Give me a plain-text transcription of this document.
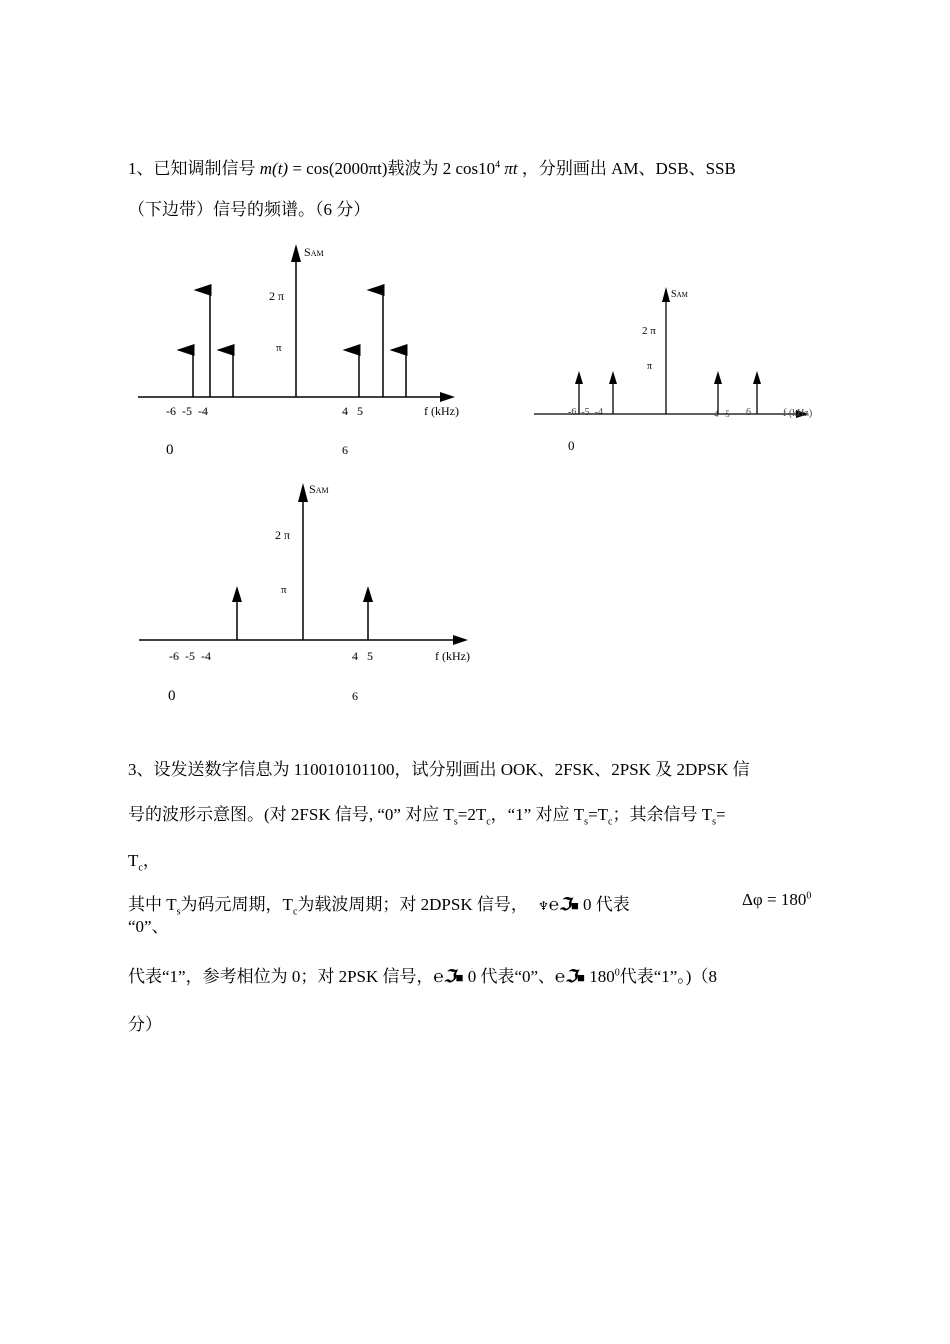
1、已知调制信号 m(t) = cos(2000πt)载波为 2 $\cos 10^4$ πt ，分别画出 AM、DSB、SSB
（下边带）信号的频谱。（6 分）
SAM
2 π
π
-6  -5  -4	4   5	f (kHz)
0	6
SAM
2 π
π
-6  -5  -4	4   5 6	f (kHz)
0
SAM
2 π
π
-6  -5  -4	4   5	f (kHz)
0	6
3、设发送数字信息为 110010101100，试分别画出 OOK、2FSK、2PSK 及 2DPSK 信
号的波形示意图。(对 2FSK 信号, “0” 对应 $T_s=2T_c$，“1” 对应 $T_s=T_c$；其余信号 $T_s=$
$T_c$，
其中 $T_s$为码元周期，$T_c$为载波周期；对 2DPSK 信号， ♆℮ℑ■ 0 代表	$\Delta\varphi = 180^0$
“0”、
代表“1”，参考相位为 0；对 2PSK 信号，℮ℑ■ 0 代表“0”、℮ℑ■ $180^0$代表“1”。)（8
分）
